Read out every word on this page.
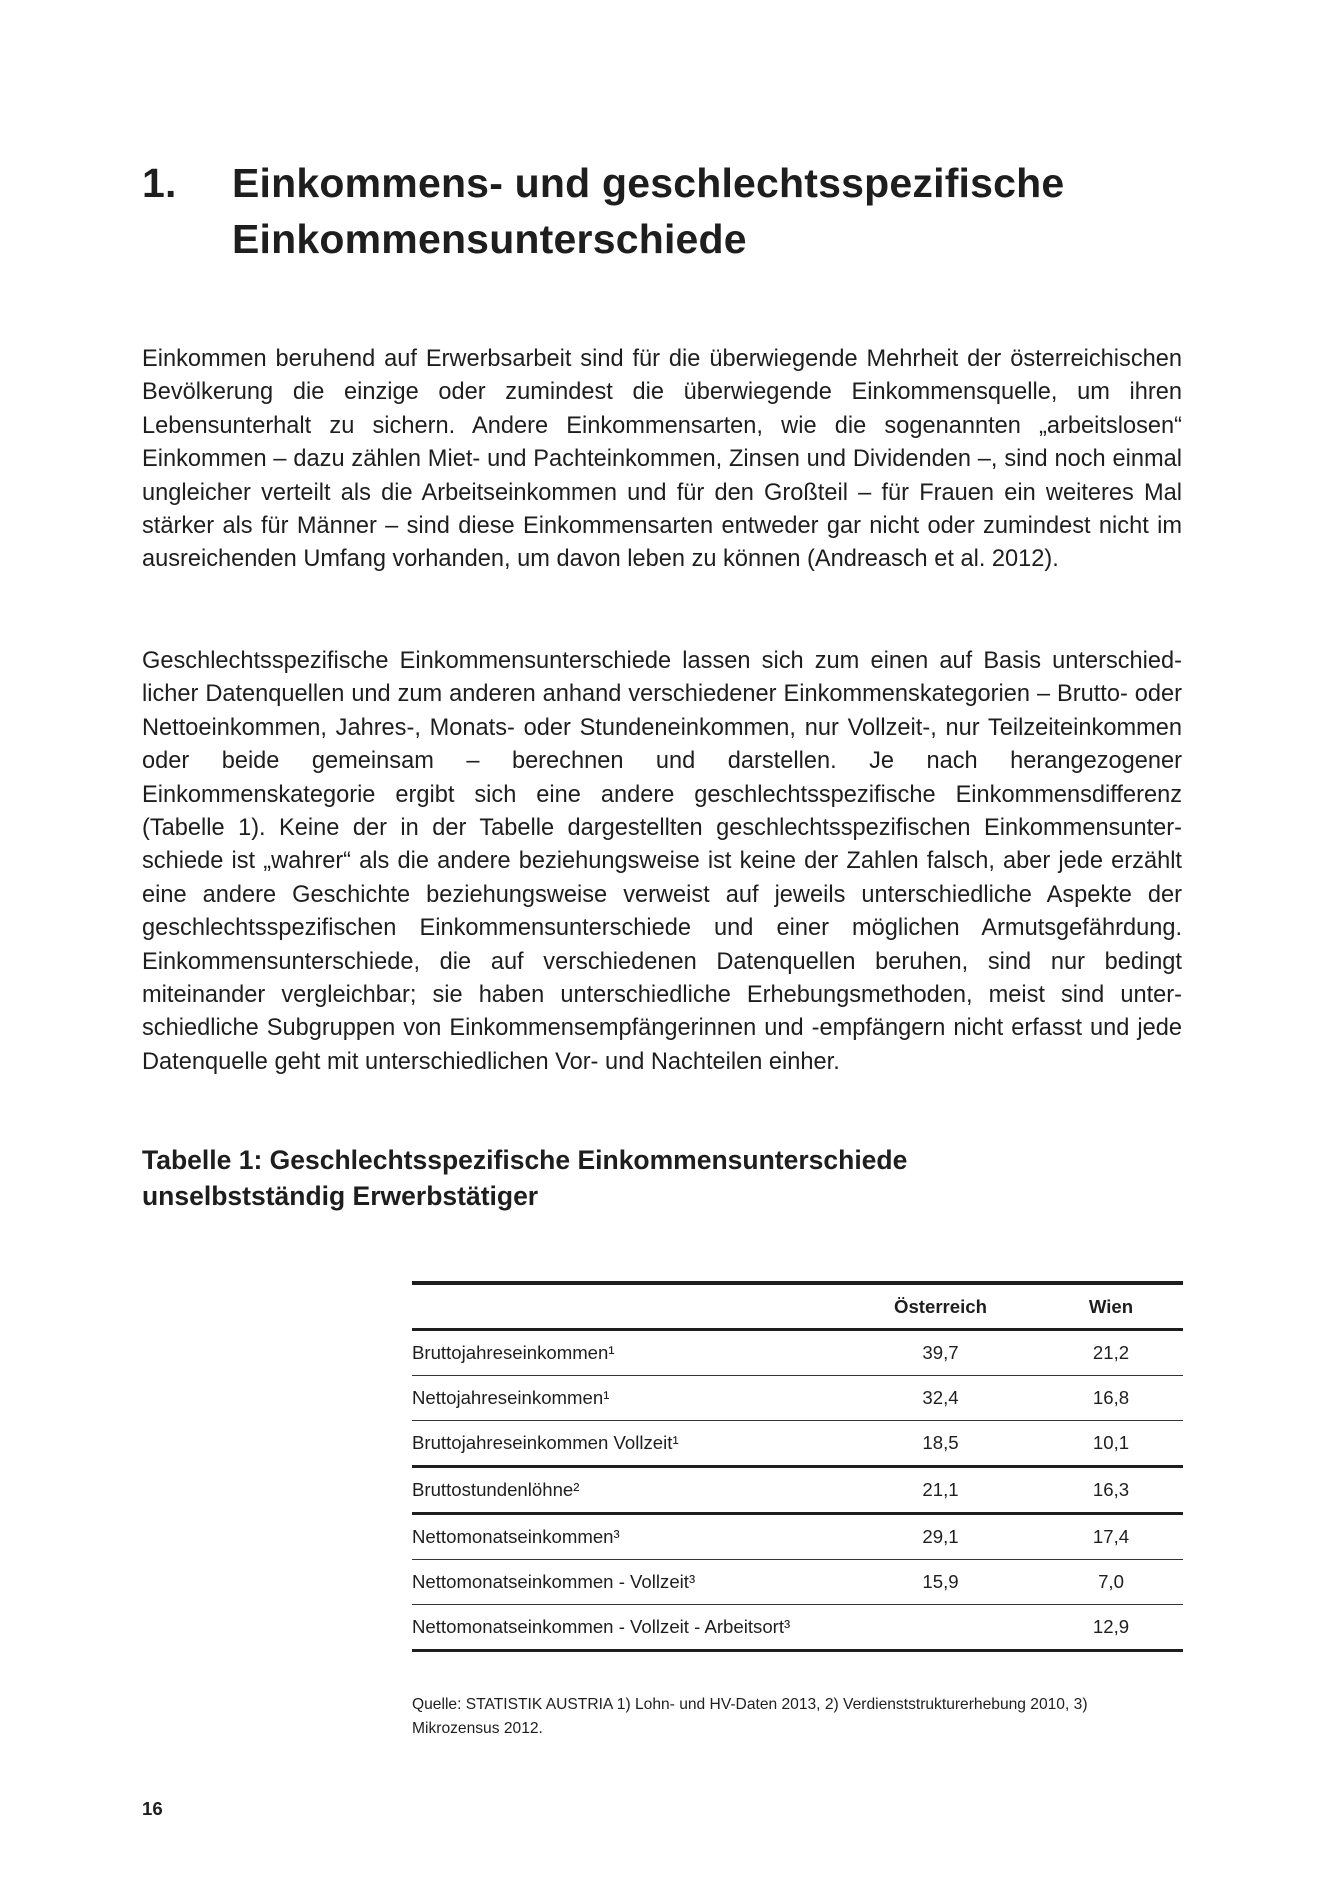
1. Einkommens- und geschlechtsspezifische
Einkommensunterschiede

Einkommen beruhend auf Erwerbsarbeit sind für die überwiegende Mehrheit der österreichischen Bevölkerung die einzige oder zumindest die überwiegende Einkommensquelle, um ihren Lebensunterhalt zu sichern. Andere Einkommensarten, wie die sogenannten „arbeitslosen“ Einkommen – dazu zählen Miet- und Pachteinkommen, Zinsen und Dividenden –, sind noch einmal ungleicher verteilt als die Arbeitseinkommen und für den Großteil – für Frauen ein weiteres Mal stärker als für Männer – sind diese Einkommensarten entweder gar nicht oder zumindest nicht im ausreichenden Umfang vorhanden, um davon leben zu können (Andreasch et al. 2012).

Geschlechtsspezifische Einkommensunterschiede lassen sich zum einen auf Basis unterschiedlicher Datenquellen und zum anderen anhand verschiedener Einkommenskategorien – Brutto- oder Nettoeinkommen, Jahres-, Monats- oder Stundeneinkommen, nur Vollzeit-, nur Teilzeiteinkommen oder beide gemeinsam – berechnen und darstellen. Je nach herangezogener Einkommenskategorie ergibt sich eine andere geschlechtsspezifische Einkommensdifferenz (Tabelle 1). Keine der in der Tabelle dargestellten geschlechtsspezifischen Einkommensunterschiede ist „wahrer“ als die andere beziehungsweise ist keine der Zahlen falsch, aber jede erzählt eine andere Geschichte beziehungsweise verweist auf jeweils unterschiedliche Aspekte der geschlechtsspezifischen Einkommensunterschiede und einer möglichen Armutsgefährdung. Einkommensunterschiede, die auf verschiedenen Datenquellen beruhen, sind nur bedingt miteinander vergleichbar; sie haben unterschiedliche Erhebungsmethoden, meist sind unterschiedliche Subgruppen von Einkommensempfängerinnen und -empfängern nicht erfasst und jede Datenquelle geht mit unterschiedlichen Vor- und Nachteilen einher.

Tabelle 1: Geschlechtsspezifische Einkommensunterschiede
unselbstständig Erwerbstätiger
	Österreich	Wien
Bruttojahreseinkommen¹	39,7	21,2
Nettojahreseinkommen¹	32,4	16,8
Bruttojahreseinkommen Vollzeit¹	18,5	10,1
Bruttostundenlöhne²	21,1	16,3
Nettomonatseinkommen³	29,1	17,4
Nettomonatseinkommen - Vollzeit³	15,9	7,0
Nettomonatseinkommen - Vollzeit - Arbeitsort³		12,9

Quelle: STATISTIK AUSTRIA 1) Lohn- und HV-Daten 2013, 2) Verdienststrukturerhebung 2010, 3) Mikrozensus 2012.

16
